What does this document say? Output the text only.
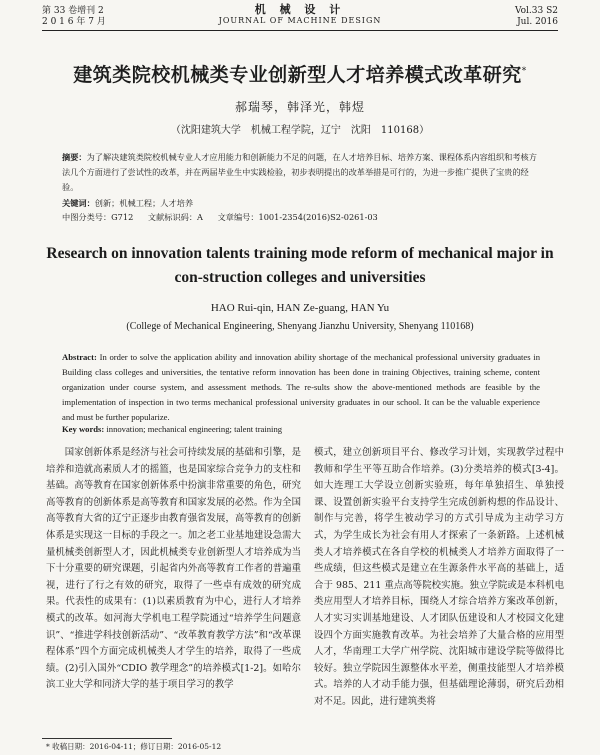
第 33 卷增刊 2
2 0 1 6 年 7 月
机 械 设 计
JOURNAL OF MACHINE DESIGN
Vol.33 S2
Jul. 2016
建筑类院校机械类专业创新型人才培养模式改革研究*
郝瑞琴，韩泽光，韩煜
（沈阳建筑大学　机械工程学院，辽宁　沈阳　110168）
摘要：为了解决建筑类院校机械专业人才应用能力和创新能力不足的问题，在人才培养目标、培养方案、课程体系内容组织和考核方法几个方面进行了尝试性的改革，并在两届毕业生中实践检验，初步表明提出的改革举措是可行的，为进一步推广提供了宝贵的经验。
关键词：创新；机械工程；人才培养
中图分类号：G712 文献标识码：A 文章编号：1001-2354(2016)S2-0261-03
Research on innovation talents training mode reform of mechanical major in con-struction colleges and universities
HAO Rui-qin, HAN Ze-guang, HAN Yu
(College of Mechanical Engineering, Shenyang Jianzhu University, Shenyang 110168)
Abstract: In order to solve the application ability and innovation ability shortage of the mechanical professional university graduates in Building class colleges and universities, the tentative reform innovation has been done in training Objectives, training scheme, content organization under course system, and assessment methods. The re-sults show the above-mentioned methods are feasible by the implementation of inspection in two terms mechanical professional university graduates in our school. It can be the valuable experience and must be further popularize.
Key words: innovation; mechanical engineering; talent training

国家创新体系是经济与社会可持续发展的基础和引擎，是培养和造就高素质人才的摇篮，也是国家综合竞争力的支柱和基础。高等教育在国家创新体系中扮演非常重要的角色，研究高等教育的创新体系是高等教育和国家发展的必然。作为全国高等教育大省的辽宁正逐步由教育强省发展，高等教育的创新体系是实现这一目标的手段之一。加之老工业基地建设急需大量机械类创新型人才，因此机械类专业创新型人才培养成为当下十分重要的研究课题，引起省内外高等教育工作者的普遍重视，进行了行之有效的研究，取得了一些卓有成效的研究成果。代表性的成果有：(1)以素质教育为中心，进行人才培养模式的改革。如河海大学机电工程学院通过“培养学生问题意识”、“推进学科技创新活动”、“改革教育教学方法”和“改革课程体系”四个方面完成机械类人才学生的培养，取得了一些成绩。(2)引入国外“CDIO 教学理念”的培养模式[1-2]。如哈尔滨工业大学和同济大学的基于项目学习的教学

模式，建立创新项目平台、修改学习计划，实现教学过程中教师和学生平等互助合作培养。(3)分类培养的模式[3-4]。如大连理工大学设立创新实验班，每年单独招生、单独授课、设置创新实验平台支持学生完成创新构想的作品设计、制作与完善，将学生被动学习的方式引导成为主动学习方式，为学生成长为社会有用人才探索了一条新路。上述机械类人才培养模式在各自学校的机械类人才培养方面取得了一些成绩，但这些模式是建立在生源条件水平高的基础上，适合于 985、211 重点高等院校实施。独立学院或是本科机电类应用型人才培养目标，围绕人才综合培养方案改革创新，人才实习实训基地建设、人才团队伍建设和人才校园文化建设四个方面实施教育改革。为社会培养了大量合格的应用型人才，华南理工大学广州学院、沈阳城市建设学院等做得比较好。独立学院因生源整体水平差，侧重技能型人才培养模式。培养的人才动手能力强，但基础理论薄弱，研究后劲相对不足。因此，进行建筑类将

* 收稿日期：2016-04-11；修订日期：2016-05-12
